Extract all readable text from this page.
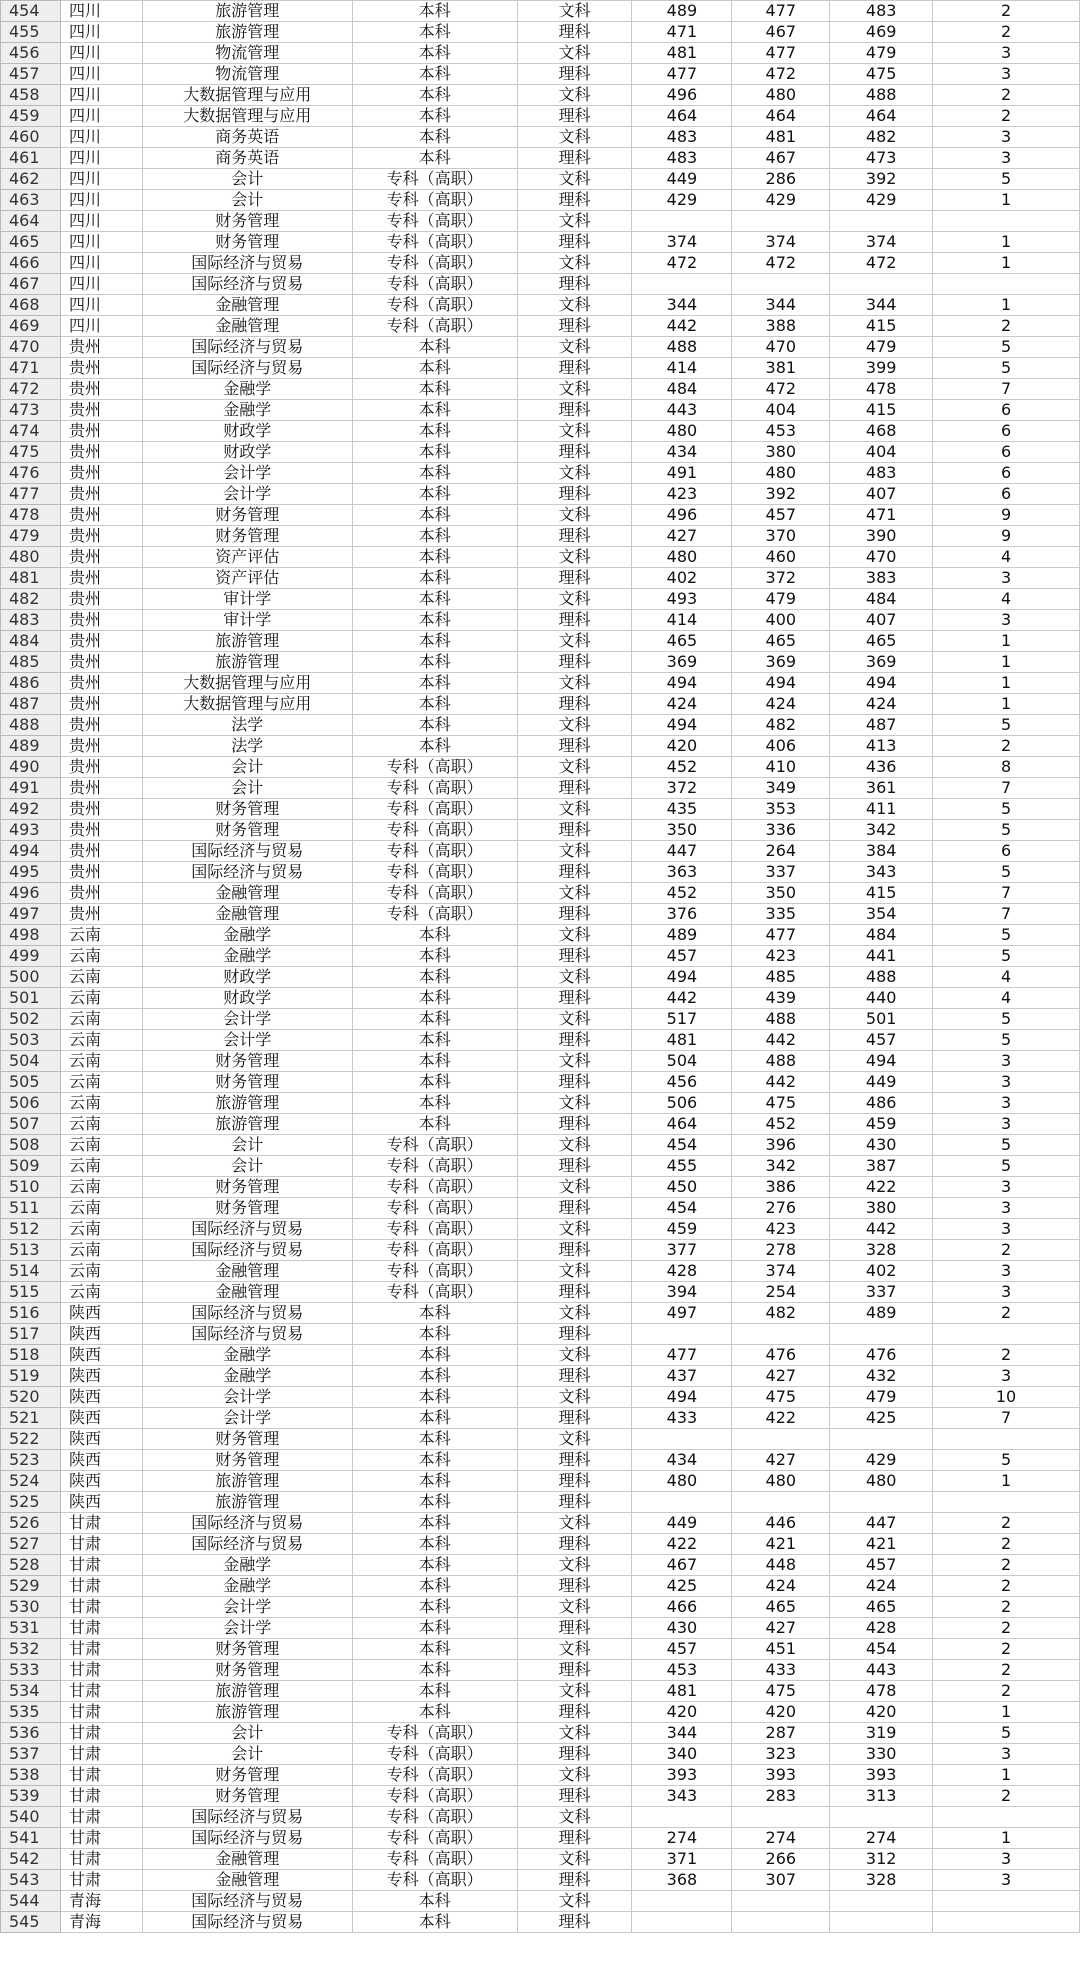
454	四川	旅游管理	本科	文科	489	477	483	2
455	四川	旅游管理	本科	理科	471	467	469	2
456	四川	物流管理	本科	文科	481	477	479	3
457	四川	物流管理	本科	理科	477	472	475	3
458	四川	大数据管理与应用	本科	文科	496	480	488	2
459	四川	大数据管理与应用	本科	理科	464	464	464	2
460	四川	商务英语	本科	文科	483	481	482	3
461	四川	商务英语	本科	理科	483	467	473	3
462	四川	会计	专科（高职）	文科	449	286	392	5
463	四川	会计	专科（高职）	理科	429	429	429	1
464	四川	财务管理	专科（高职）	文科				
465	四川	财务管理	专科（高职）	理科	374	374	374	1
466	四川	国际经济与贸易	专科（高职）	文科	472	472	472	1
467	四川	国际经济与贸易	专科（高职）	理科				
468	四川	金融管理	专科（高职）	文科	344	344	344	1
469	四川	金融管理	专科（高职）	理科	442	388	415	2
470	贵州	国际经济与贸易	本科	文科	488	470	479	5
471	贵州	国际经济与贸易	本科	理科	414	381	399	5
472	贵州	金融学	本科	文科	484	472	478	7
473	贵州	金融学	本科	理科	443	404	415	6
474	贵州	财政学	本科	文科	480	453	468	6
475	贵州	财政学	本科	理科	434	380	404	6
476	贵州	会计学	本科	文科	491	480	483	6
477	贵州	会计学	本科	理科	423	392	407	6
478	贵州	财务管理	本科	文科	496	457	471	9
479	贵州	财务管理	本科	理科	427	370	390	9
480	贵州	资产评估	本科	文科	480	460	470	4
481	贵州	资产评估	本科	理科	402	372	383	3
482	贵州	审计学	本科	文科	493	479	484	4
483	贵州	审计学	本科	理科	414	400	407	3
484	贵州	旅游管理	本科	文科	465	465	465	1
485	贵州	旅游管理	本科	理科	369	369	369	1
486	贵州	大数据管理与应用	本科	文科	494	494	494	1
487	贵州	大数据管理与应用	本科	理科	424	424	424	1
488	贵州	法学	本科	文科	494	482	487	5
489	贵州	法学	本科	理科	420	406	413	2
490	贵州	会计	专科（高职）	文科	452	410	436	8
491	贵州	会计	专科（高职）	理科	372	349	361	7
492	贵州	财务管理	专科（高职）	文科	435	353	411	5
493	贵州	财务管理	专科（高职）	理科	350	336	342	5
494	贵州	国际经济与贸易	专科（高职）	文科	447	264	384	6
495	贵州	国际经济与贸易	专科（高职）	理科	363	337	343	5
496	贵州	金融管理	专科（高职）	文科	452	350	415	7
497	贵州	金融管理	专科（高职）	理科	376	335	354	7
498	云南	金融学	本科	文科	489	477	484	5
499	云南	金融学	本科	理科	457	423	441	5
500	云南	财政学	本科	文科	494	485	488	4
501	云南	财政学	本科	理科	442	439	440	4
502	云南	会计学	本科	文科	517	488	501	5
503	云南	会计学	本科	理科	481	442	457	5
504	云南	财务管理	本科	文科	504	488	494	3
505	云南	财务管理	本科	理科	456	442	449	3
506	云南	旅游管理	本科	文科	506	475	486	3
507	云南	旅游管理	本科	理科	464	452	459	3
508	云南	会计	专科（高职）	文科	454	396	430	5
509	云南	会计	专科（高职）	理科	455	342	387	5
510	云南	财务管理	专科（高职）	文科	450	386	422	3
511	云南	财务管理	专科（高职）	理科	454	276	380	3
512	云南	国际经济与贸易	专科（高职）	文科	459	423	442	3
513	云南	国际经济与贸易	专科（高职）	理科	377	278	328	2
514	云南	金融管理	专科（高职）	文科	428	374	402	3
515	云南	金融管理	专科（高职）	理科	394	254	337	3
516	陕西	国际经济与贸易	本科	文科	497	482	489	2
517	陕西	国际经济与贸易	本科	理科				
518	陕西	金融学	本科	文科	477	476	476	2
519	陕西	金融学	本科	理科	437	427	432	3
520	陕西	会计学	本科	文科	494	475	479	10
521	陕西	会计学	本科	理科	433	422	425	7
522	陕西	财务管理	本科	文科				
523	陕西	财务管理	本科	理科	434	427	429	5
524	陕西	旅游管理	本科	理科	480	480	480	1
525	陕西	旅游管理	本科	理科				
526	甘肃	国际经济与贸易	本科	文科	449	446	447	2
527	甘肃	国际经济与贸易	本科	理科	422	421	421	2
528	甘肃	金融学	本科	文科	467	448	457	2
529	甘肃	金融学	本科	理科	425	424	424	2
530	甘肃	会计学	本科	文科	466	465	465	2
531	甘肃	会计学	本科	理科	430	427	428	2
532	甘肃	财务管理	本科	文科	457	451	454	2
533	甘肃	财务管理	本科	理科	453	433	443	2
534	甘肃	旅游管理	本科	文科	481	475	478	2
535	甘肃	旅游管理	本科	理科	420	420	420	1
536	甘肃	会计	专科（高职）	文科	344	287	319	5
537	甘肃	会计	专科（高职）	理科	340	323	330	3
538	甘肃	财务管理	专科（高职）	文科	393	393	393	1
539	甘肃	财务管理	专科（高职）	理科	343	283	313	2
540	甘肃	国际经济与贸易	专科（高职）	文科				
541	甘肃	国际经济与贸易	专科（高职）	理科	274	274	274	1
542	甘肃	金融管理	专科（高职）	文科	371	266	312	3
543	甘肃	金融管理	专科（高职）	理科	368	307	328	3
544	青海	国际经济与贸易	本科	文科				
545	青海	国际经济与贸易	本科	理科				
